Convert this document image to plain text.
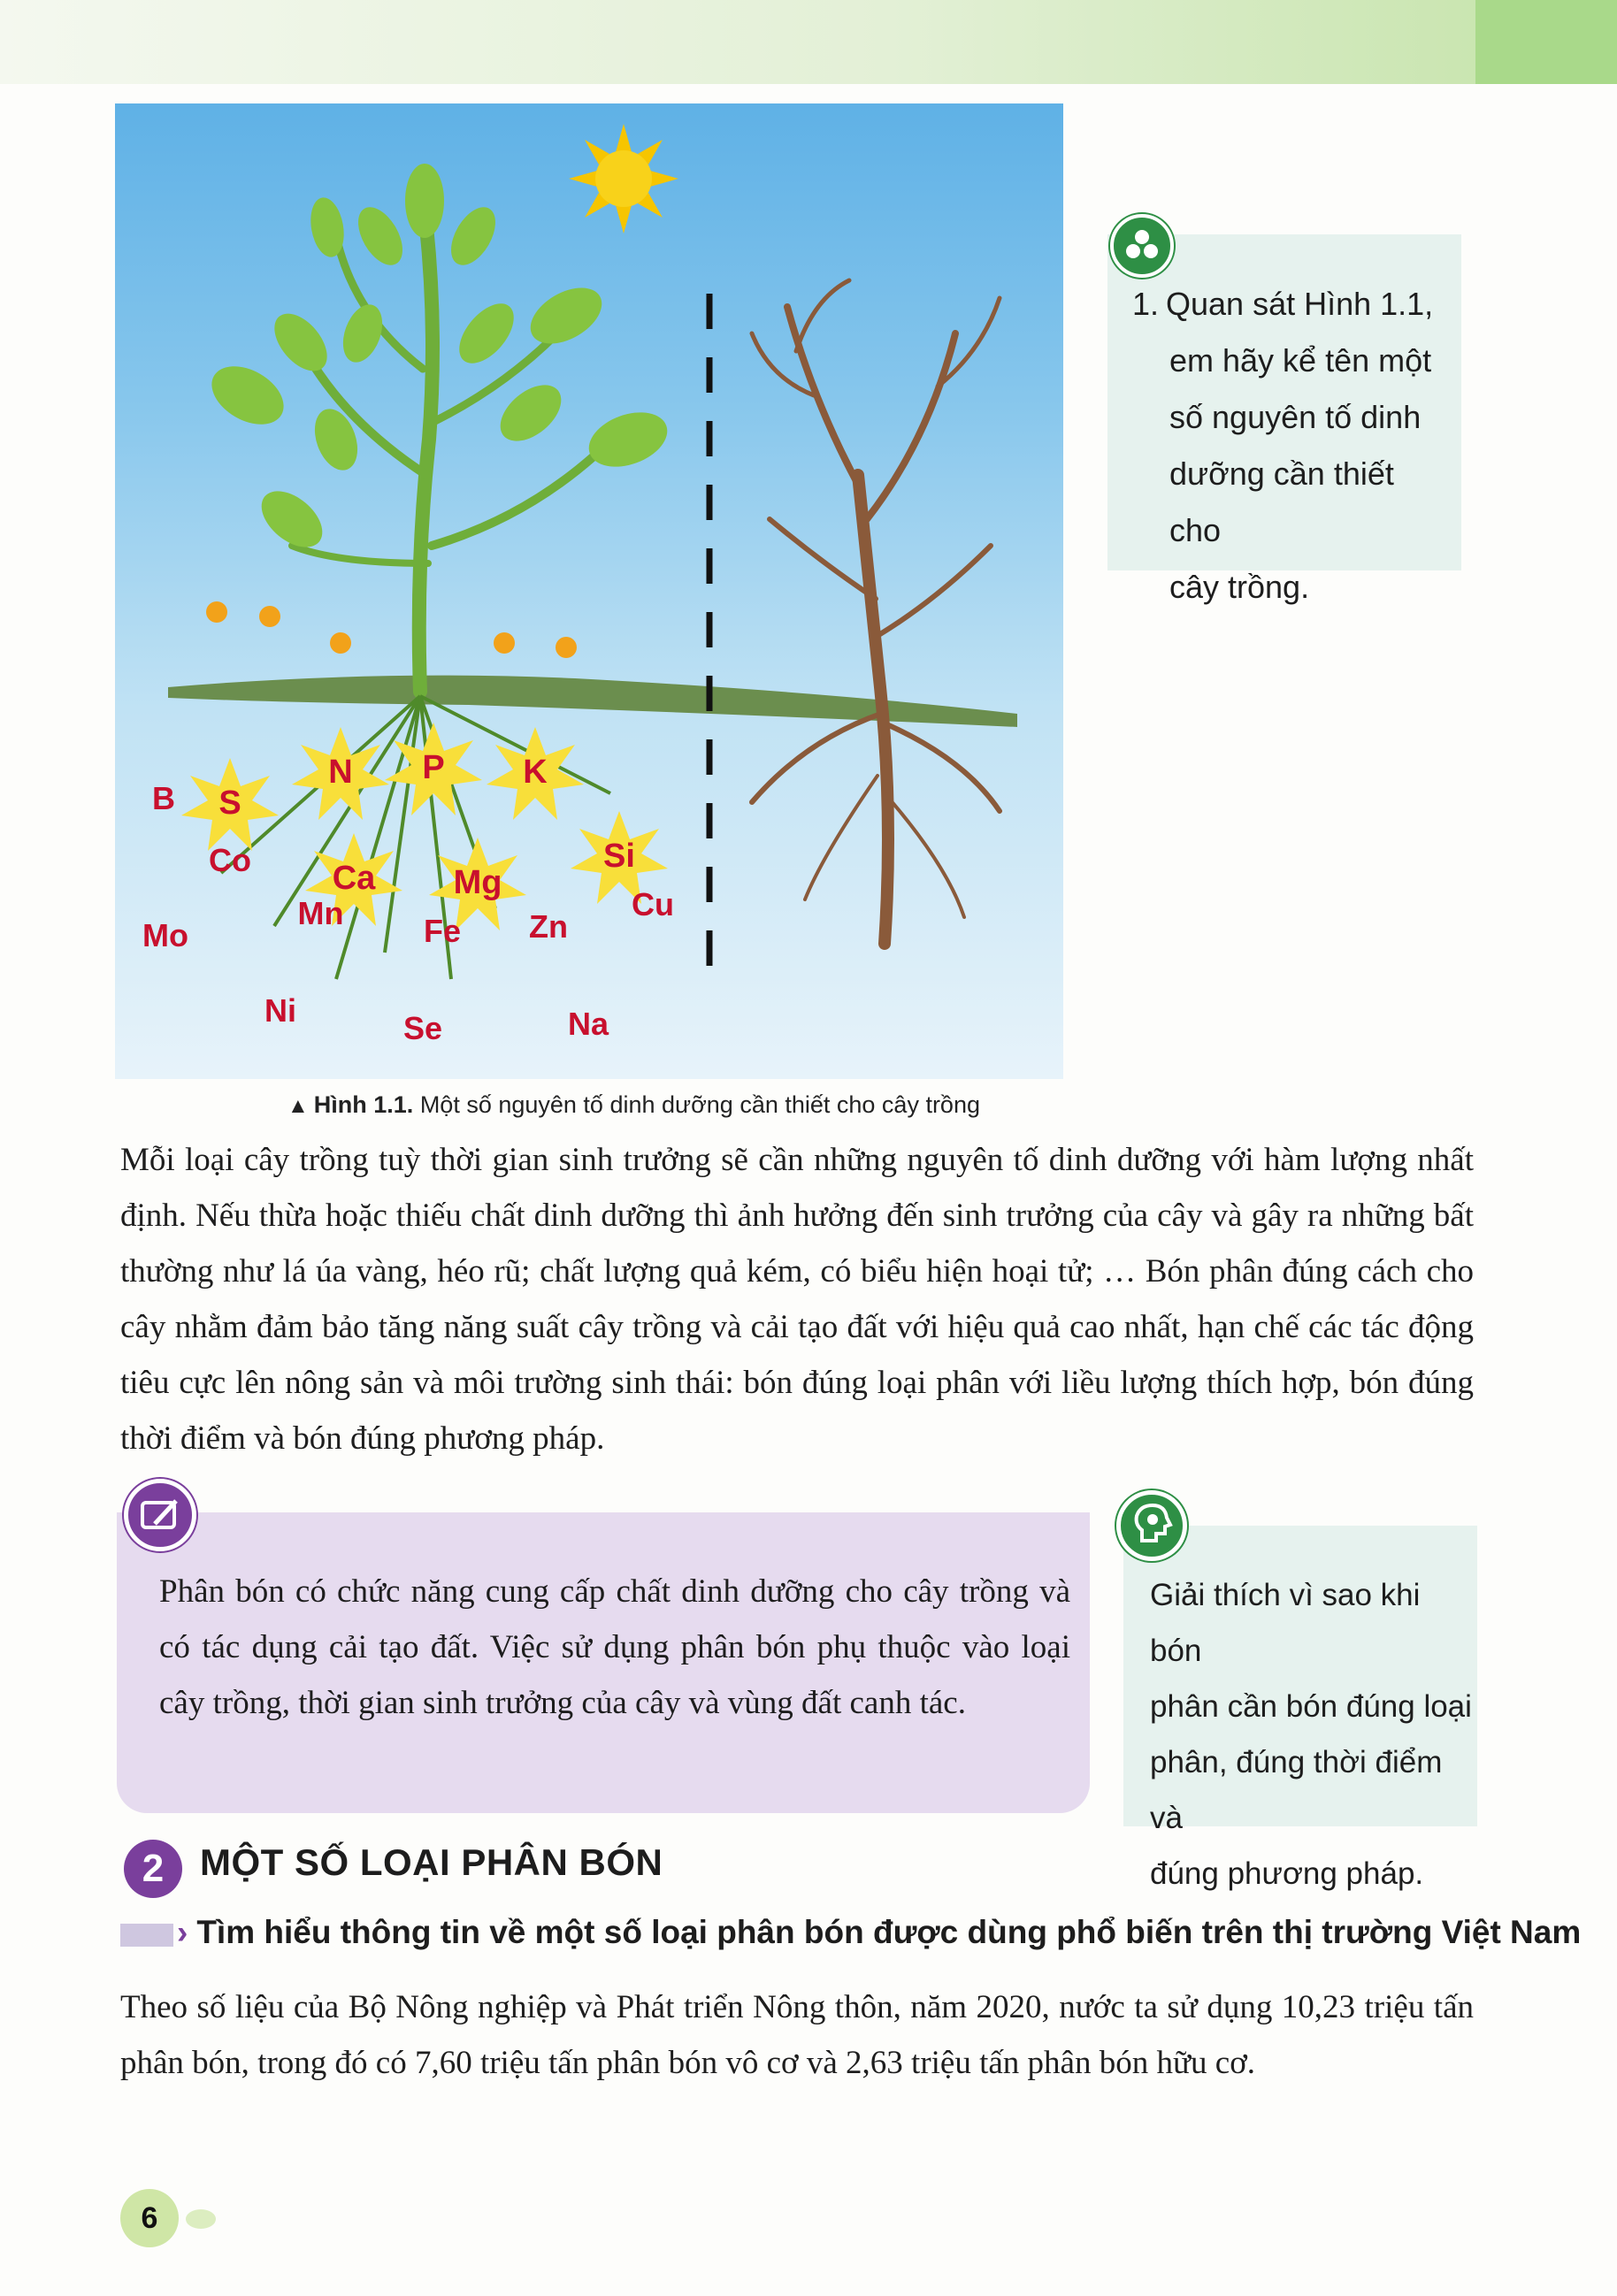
S
N	P	K
Ca Mg
Si
B
Co
Mo
Mn	Fe Zn
Cu
Ni	Se	Na
▲ Hình 1.1. Một số nguyên tố dinh dưỡng cần thiết cho cây trồng
1. Quan sát Hình 1.1,
em hãy kể tên một
số nguyên tố dinh
dưỡng cần thiết cho
cây trồng.
Mỗi loại cây trồng tuỳ thời gian sinh trưởng sẽ cần những nguyên tố dinh dưỡng với hàm lượng nhất định. Nếu thừa hoặc thiếu chất dinh dưỡng thì ảnh hưởng đến sinh trưởng của cây và gây ra những bất thường như lá úa vàng, héo rũ; chất lượng quả kém, có biểu hiện hoại tử; … Bón phân đúng cách cho cây nhằm đảm bảo tăng năng suất cây trồng và cải tạo đất với hiệu quả cao nhất, hạn chế các tác động tiêu cực lên nông sản và môi trường sinh thái: bón đúng loại phân với liều lượng thích hợp, bón đúng thời điểm và bón đúng phương pháp.
Phân bón có chức năng cung cấp chất dinh dưỡng cho cây trồng và có tác dụng cải tạo đất. Việc sử dụng phân bón phụ thuộc vào loại cây trồng, thời gian sinh trưởng của cây và vùng đất canh tác.
Giải thích vì sao khi bón
phân cần bón đúng loại
phân, đúng thời điểm và
đúng phương pháp.
2 MỘT SỐ LOẠI PHÂN BÓN
› Tìm hiểu thông tin về một số loại phân bón được dùng phổ biến trên thị trường Việt Nam
Theo số liệu của Bộ Nông nghiệp và Phát triển Nông thôn, năm 2020, nước ta sử dụng 10,23 triệu tấn phân bón, trong đó có 7,60 triệu tấn phân bón vô cơ và 2,63 triệu tấn phân bón hữu cơ.
6
